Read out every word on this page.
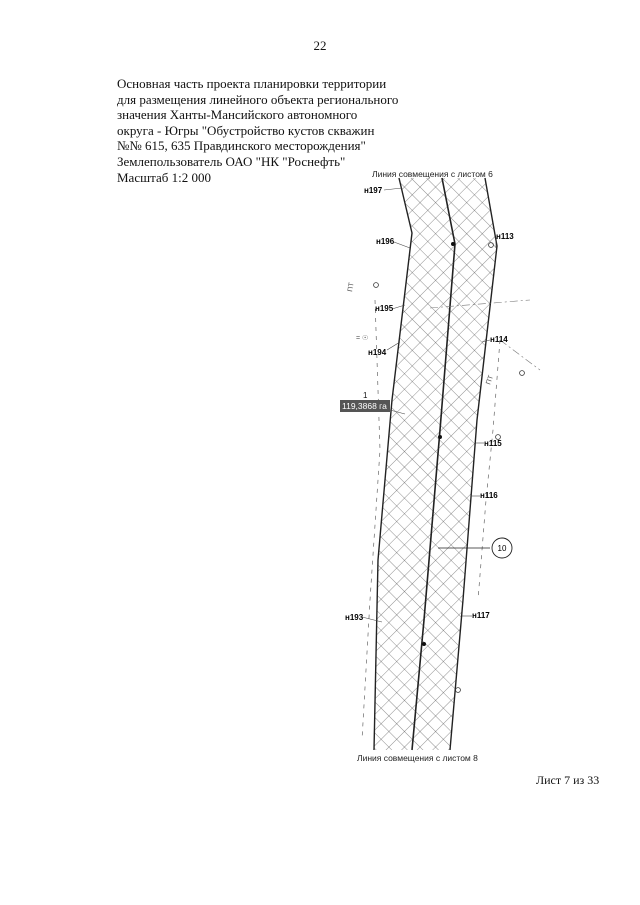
22
Основная часть проекта планировки территории
для размещения линейного объекта регионального
значения Ханты-Мансийского автономного
округа - Югры "Обустройство кустов скважин
№№ 615, 635 Правдинского месторождения"
Землепользователь ОАО "НК "Роснефть"
Масштаб 1:2 000
= ☉
ПТ
ПТ
Линия совмещения с листом 6
Линия совмещения с листом 8
н197
н196
н195
н194
н193
н113
н114
н115
н116
н117
1
119,3868 га
10
Лист 7 из 33
